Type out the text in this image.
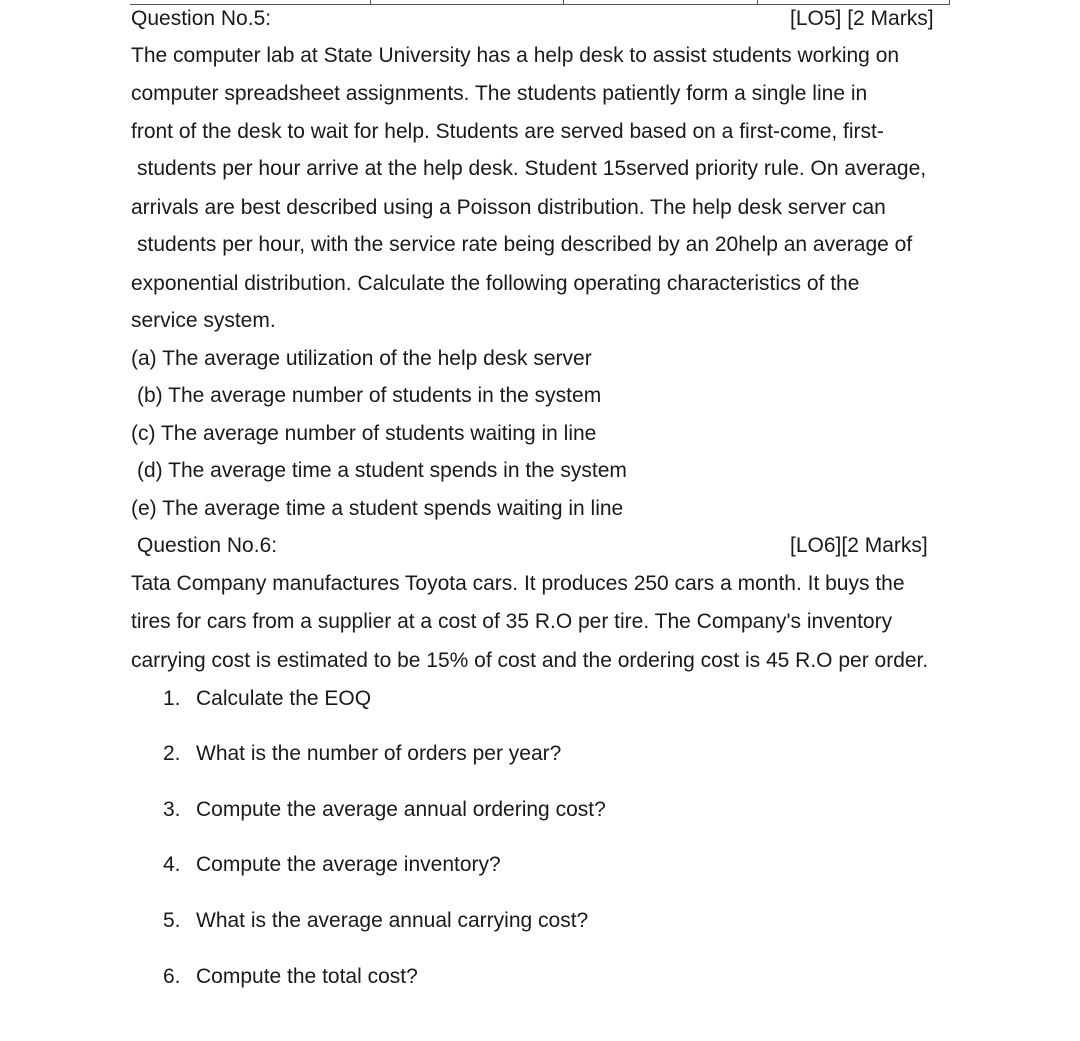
Question No.5:	[LO5] [2 Marks]
The computer lab at State University has a help desk to assist students working on
computer spreadsheet assignments. The students patiently form a single line in
front of the desk to wait for help. Students are served based on a first-come, first-
students per hour arrive at the help desk. Student 15served priority rule. On average,
arrivals are best described using a Poisson distribution. The help desk server can
students per hour, with the service rate being described by an 20help an average of
exponential distribution. Calculate the following operating characteristics of the
service system.
(a) The average utilization of the help desk server
(b) The average number of students in the system
(c) The average number of students waiting in line
(d) The average time a student spends in the system
(e) The average time a student spends waiting in line
Question No.6:	[LO6][2 Marks]
Tata Company manufactures Toyota cars. It produces 250 cars a month. It buys the
tires for cars from a supplier at a cost of 35 R.O per tire. The Company's inventory
carrying cost is estimated to be 15% of cost and the ordering cost is 45 R.O per order.
1. Calculate the EOQ
2. What is the number of orders per year?
3. Compute the average annual ordering cost?
4. Compute the average inventory?
5. What is the average annual carrying cost?
6. Compute the total cost?
